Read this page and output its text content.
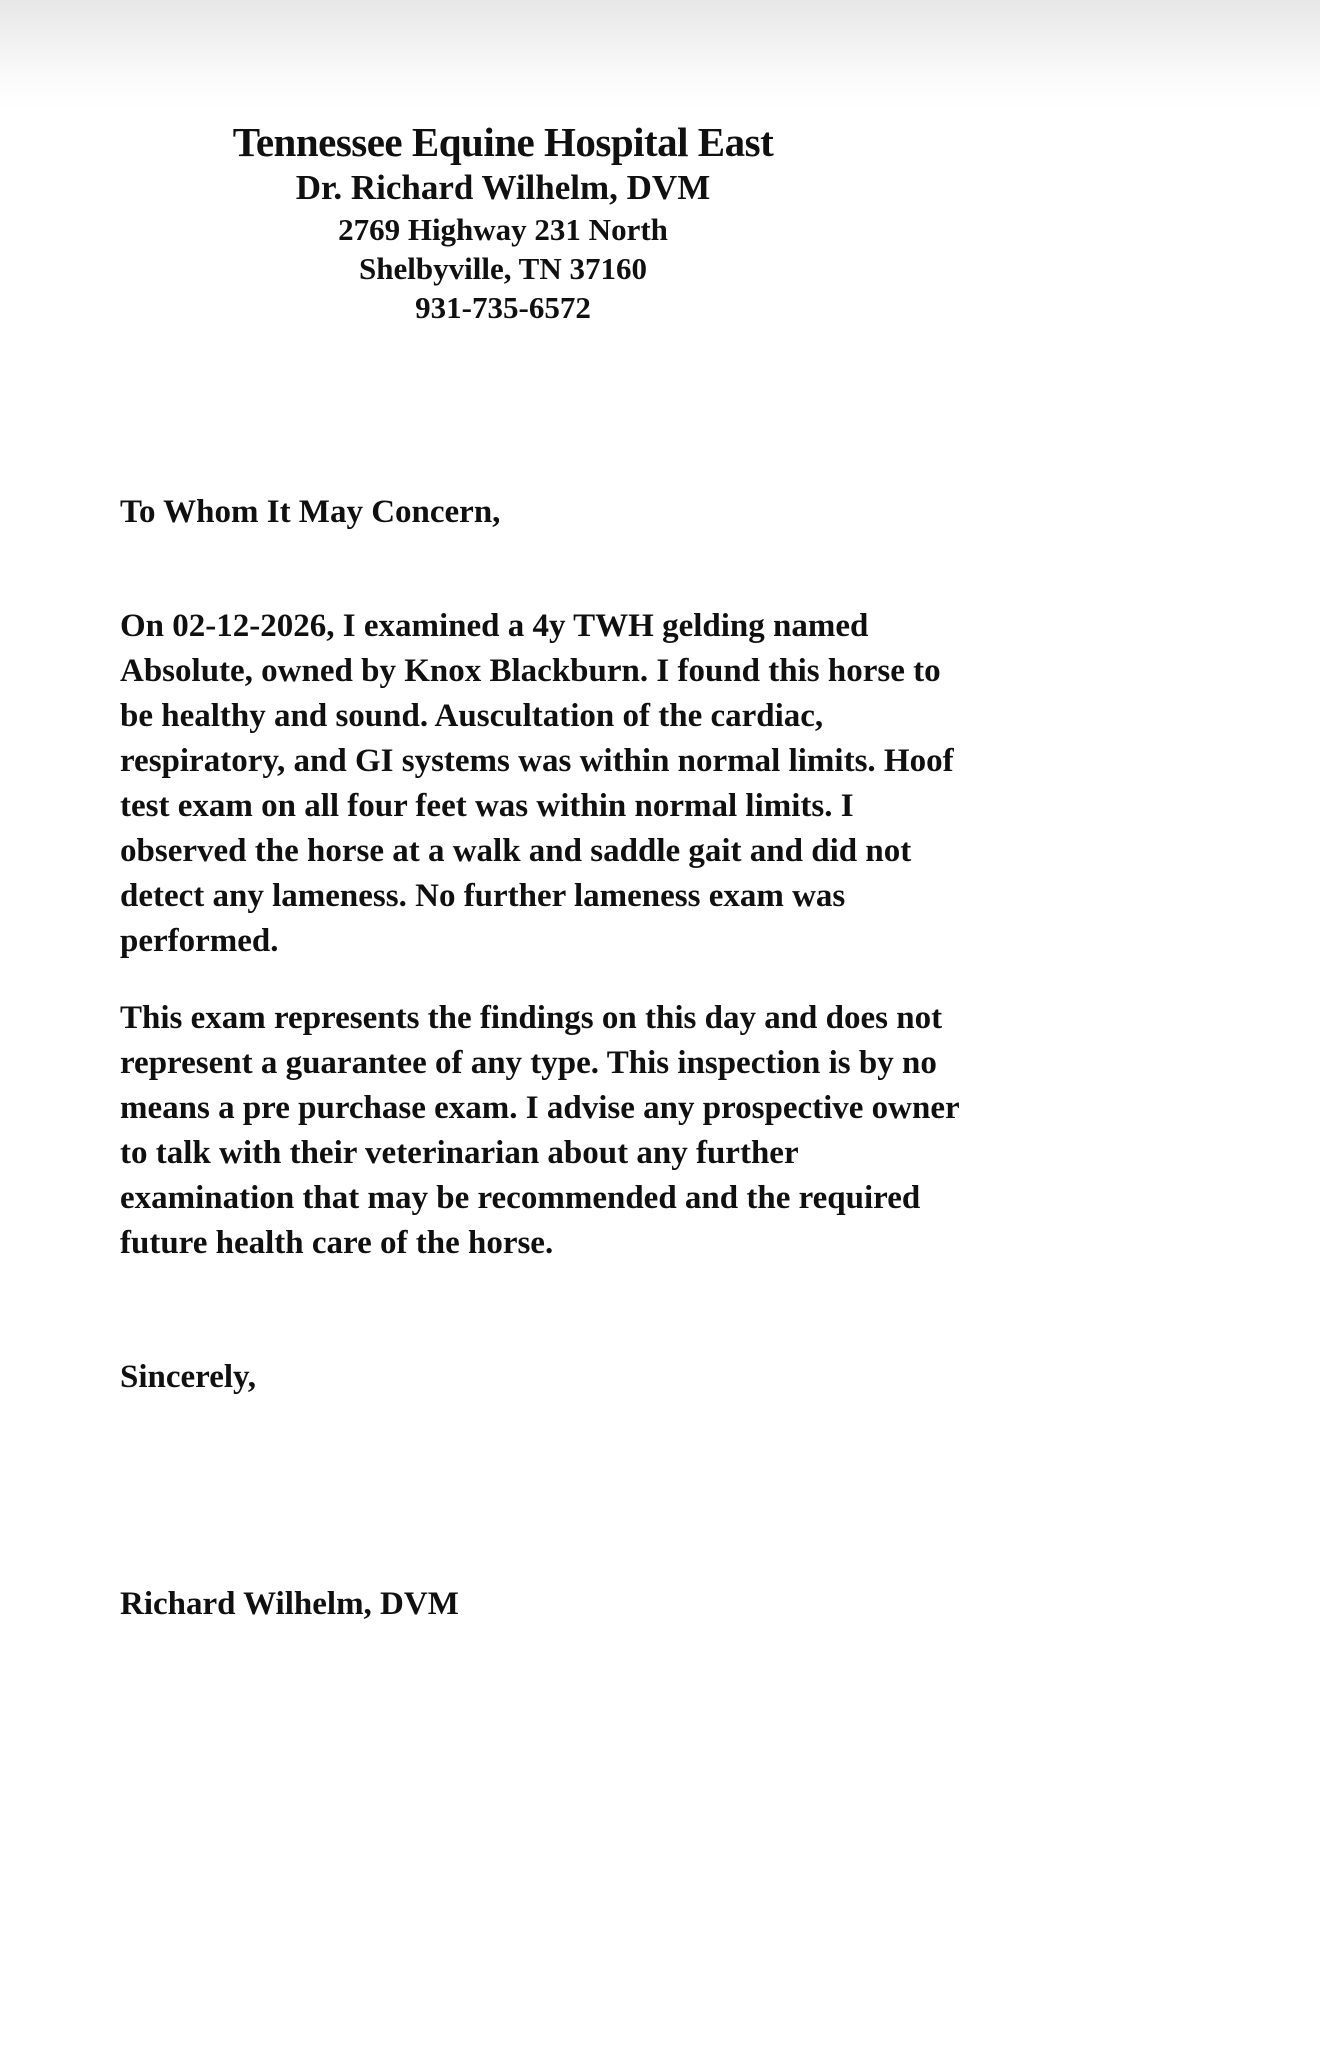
Tennessee Equine Hospital East
Dr. Richard Wilhelm, DVM
2769 Highway 231 North
Shelbyville, TN 37160
931-735-6572
To Whom It May Concern,
On 02-12-2026, I examined a 4y TWH gelding named
Absolute, owned by Knox Blackburn. I found this horse to
be healthy and sound. Auscultation of the cardiac,
respiratory, and GI systems was within normal limits. Hoof
test exam on all four feet was within normal limits. I
observed the horse at a walk and saddle gait and did not
detect any lameness. No further lameness exam was
performed.
This exam represents the findings on this day and does not
represent a guarantee of any type. This inspection is by no
means a pre purchase exam. I advise any prospective owner
to talk with their veterinarian about any further
examination that may be recommended and the required
future health care of the horse.
Sincerely,
Richard Wilhelm, DVM
